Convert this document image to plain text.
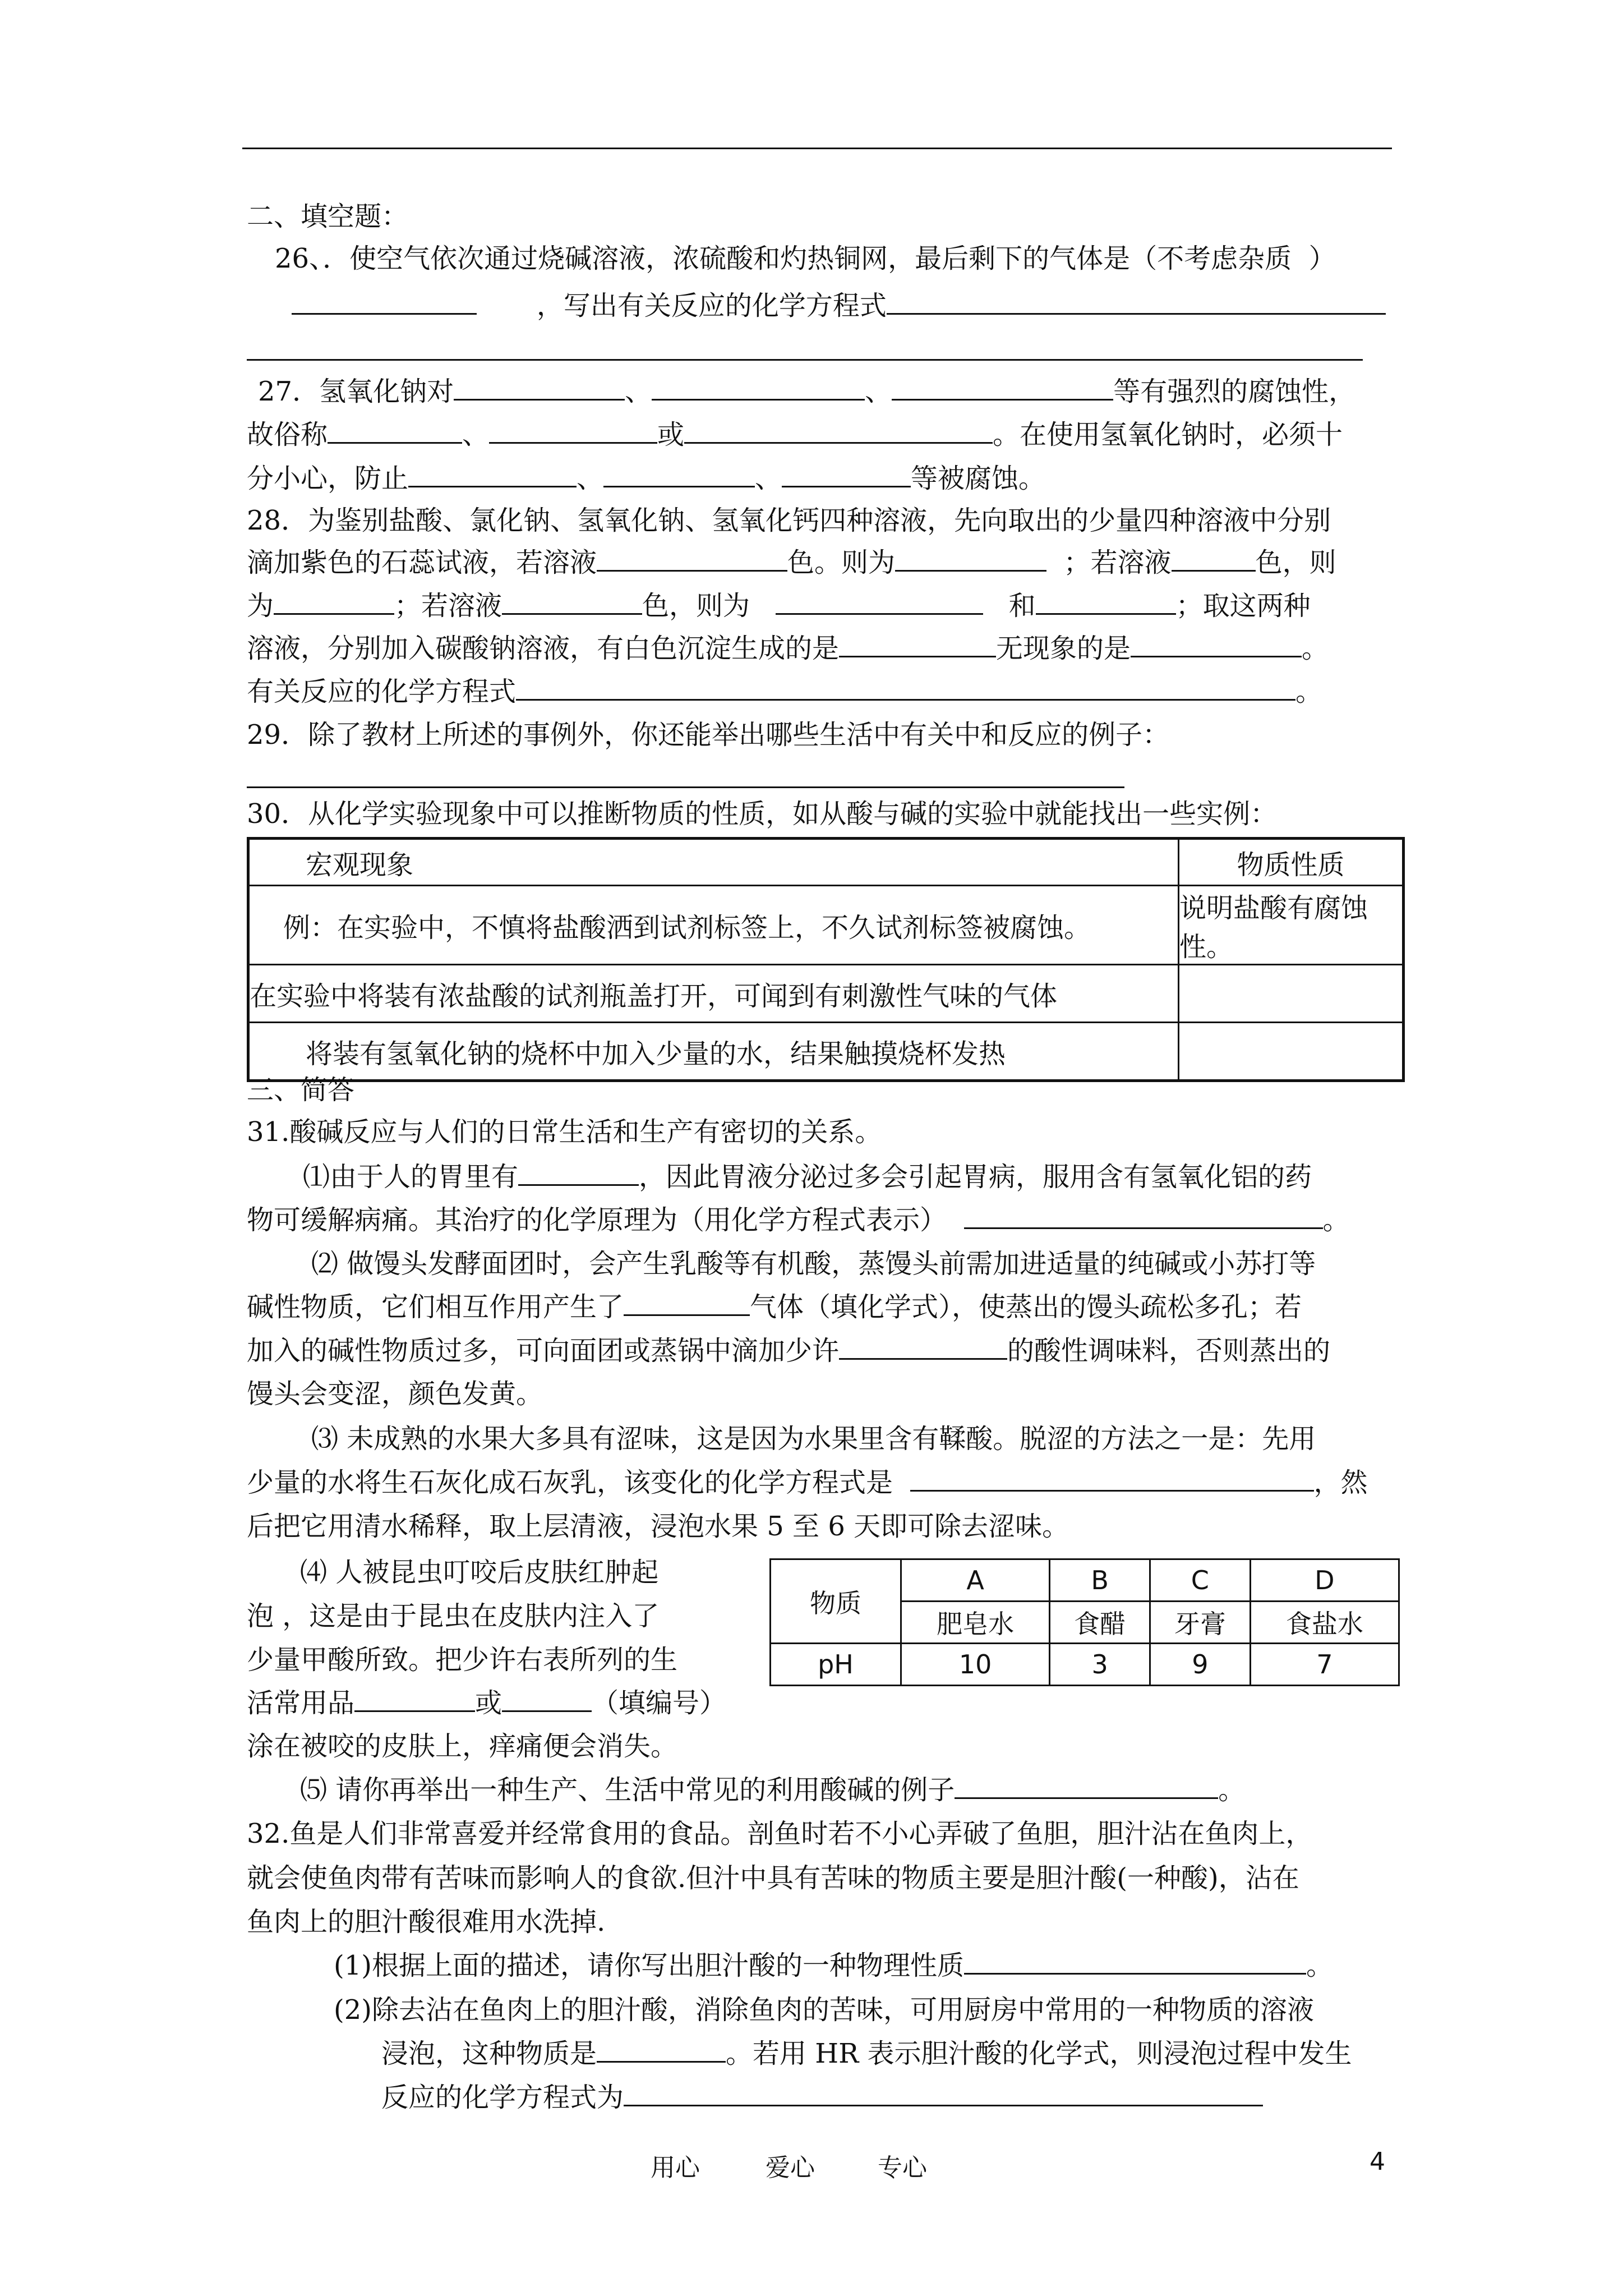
二、填空题：
26、．使空气依次通过烧碱溶液，浓硫酸和灼热铜网，最后剩下的气体是（不考虑杂质  ）
，写出有关反应的化学方程式
27．氢氧化钠对	、	、	等有强烈的腐蚀性，
故俗称	、	或	。在使用氢氧化钠时，必须十
分小心，防止	、	、	等被腐蚀。
28．为鉴别盐酸、氯化钠、氢氧化钠、氢氧化钙四种溶液，先向取出的少量四种溶液中分别
滴加紫色的石蕊试液，若溶液	色。则为	；若溶液	色，则
为	；若溶液	色，则为	和	；取这两种
溶液，分别加入碳酸钠溶液，有白色沉淀生成的是	无现象的是	。
有关反应的化学方程式	。
29．除了教材上所述的事例外，你还能举出哪些生活中有关中和反应的例子：
30．从化学实验现象中可以推断物质的性质，如从酸与碱的实验中就能找出一些实例：
宏观现象	物质性质
例：在实验中，不慎将盐酸洒到试剂标签上，不久试剂标签被腐蚀。	说明盐酸有腐蚀性。
在实验中将装有浓盐酸的试剂瓶盖打开，可闻到有刺激性气味的气体	
将装有氢氧化钠的烧杯中加入少量的水，结果触摸烧杯发热	
三、简答
31.酸碱反应与人们的日常生活和生产有密切的关系。
⑴由于人的胃里有	，因此胃液分泌过多会引起胃病，服用含有氢氧化铝的药
物可缓解病痛。其治疗的化学原理为（用化学方程式表示）	。
⑵ 做馒头发酵面团时，会产生乳酸等有机酸，蒸馒头前需加进适量的纯碱或小苏打等
碱性物质，它们相互作用产生了	气体（填化学式），使蒸出的馒头疏松多孔；若
加入的碱性物质过多，可向面团或蒸锅中滴加少许	的酸性调味料，否则蒸出的
馒头会变涩，颜色发黄。
⑶ 未成熟的水果大多具有涩味，这是因为水果里含有鞣酸。脱涩的方法之一是：先用
少量的水将生石灰化成石灰乳，该变化的化学方程式是	，然
后把它用清水稀释，取上层清液，浸泡水果 5 至 6 天即可除去涩味。
⑷ 人被昆虫叮咬后皮肤红肿起
泡 ，这是由于昆虫在皮肤内注入了
少量甲酸所致。把少许右表所列的生
活常用品	或	（填编号）
涂在被咬的皮肤上，痒痛便会消失。
物质	A	B	C	D
	肥皂水	食醋	牙膏	食盐水
pH	10	3	9	7
⑸ 请你再举出一种生产、生活中常见的利用酸碱的例子	。
32.鱼是人们非常喜爱并经常食用的食品。剖鱼时若不小心弄破了鱼胆，胆汁沾在鱼肉上，
就会使鱼肉带有苦味而影响人的食欲.但汁中具有苦味的物质主要是胆汁酸(一种酸)，沾在
鱼肉上的胆汁酸很难用水洗掉.
(1)根据上面的描述，请你写出胆汁酸的一种物理性质	。
(2)除去沾在鱼肉上的胆汁酸，消除鱼肉的苦味，可用厨房中常用的一种物质的溶液
浸泡，这种物质是	。若用 HR 表示胆汁酸的化学式，则浸泡过程中发生
反应的化学方程式为
用心	爱心	专心	4
